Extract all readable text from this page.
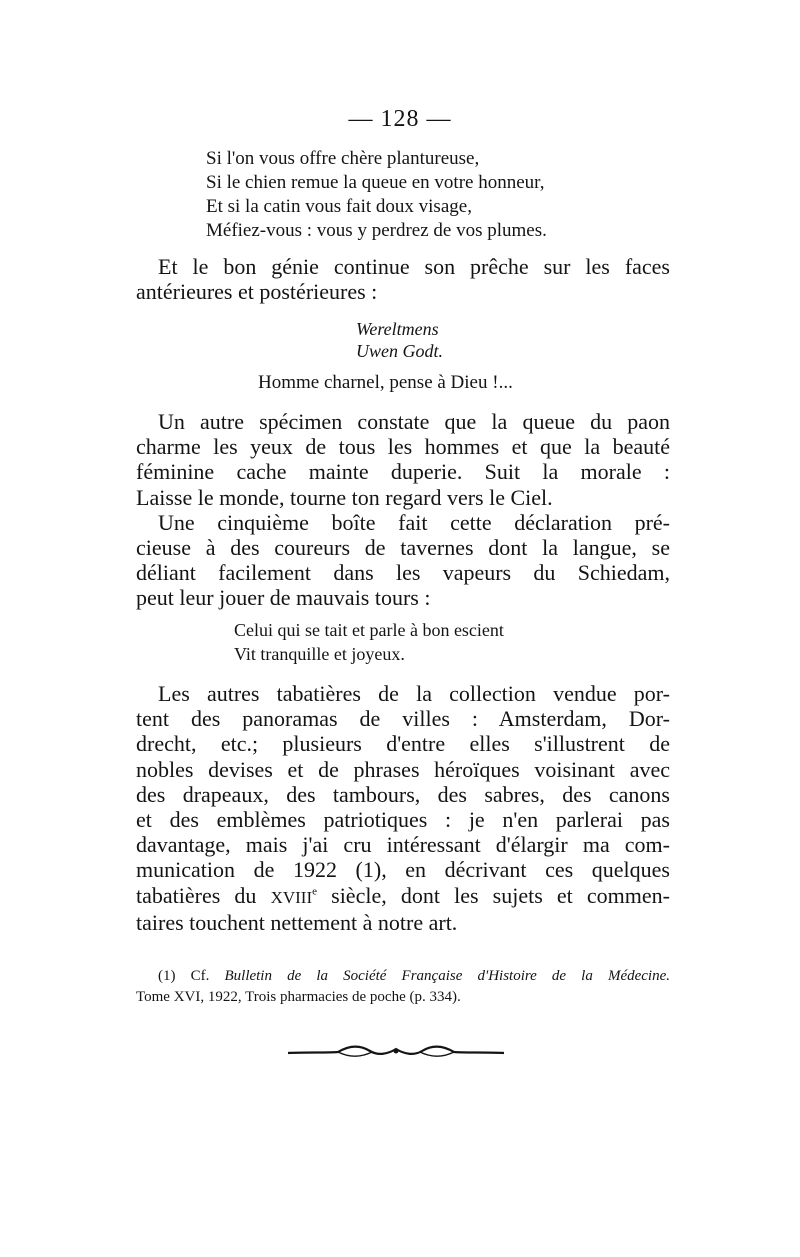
— 128 —
Si l'on vous offre chère plantureuse,
Si le chien remue la queue en votre honneur,
Et si la catin vous fait doux visage,
Méfiez-vous : vous y perdrez de vos plumes.
Et le bon génie continue son prêche sur les faces
antérieures et postérieures :
Wereltmens
Uwen Godt.
Homme charnel, pense à Dieu !...
Un autre spécimen constate que la queue du paon
charme les yeux de tous les hommes et que la beauté
féminine cache mainte duperie. Suit la morale :
Laisse le monde, tourne ton regard vers le Ciel.
Une cinquième boîte fait cette déclaration pré-
cieuse à des coureurs de tavernes dont la langue, se
déliant facilement dans les vapeurs du Schiedam,
peut leur jouer de mauvais tours :
Celui qui se tait et parle à bon escient
Vit tranquille et joyeux.
Les autres tabatières de la collection vendue por-
tent des panoramas de villes : Amsterdam, Dor-
drecht, etc.; plusieurs d'entre elles s'illustrent de
nobles devises et de phrases héroïques voisinant avec
des drapeaux, des tambours, des sabres, des canons
et des emblèmes patriotiques : je n'en parlerai pas
davantage, mais j'ai cru intéressant d'élargir ma com-
munication de 1922 (1), en décrivant ces quelques
tabatières du XVIIIe siècle, dont les sujets et commen-
taires touchent nettement à notre art.
(1) Cf. Bulletin de la Société Française d'Histoire de la Médecine.
Tome XVI, 1922, Trois pharmacies de poche (p. 334).
